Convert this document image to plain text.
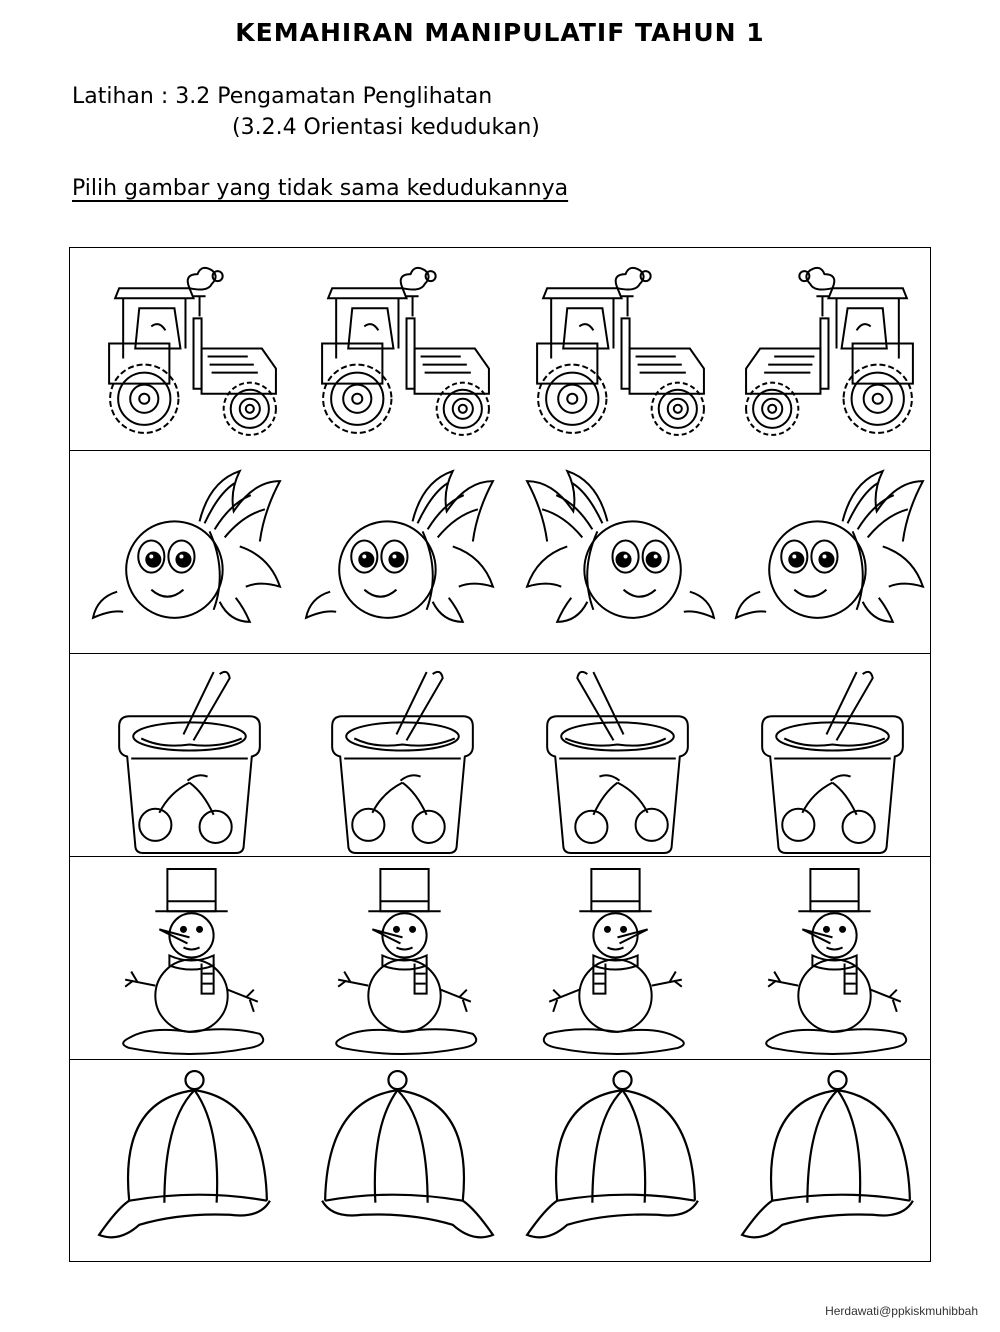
KEMAHIRAN MANIPULATIF TAHUN 1
Latihan : 3.2 Pengamatan Penglihatan
(3.2.4 Orientasi kedudukan)
Pilih gambar yang tidak sama kedudukannya
Herdawati@ppkiskmuhibbah
